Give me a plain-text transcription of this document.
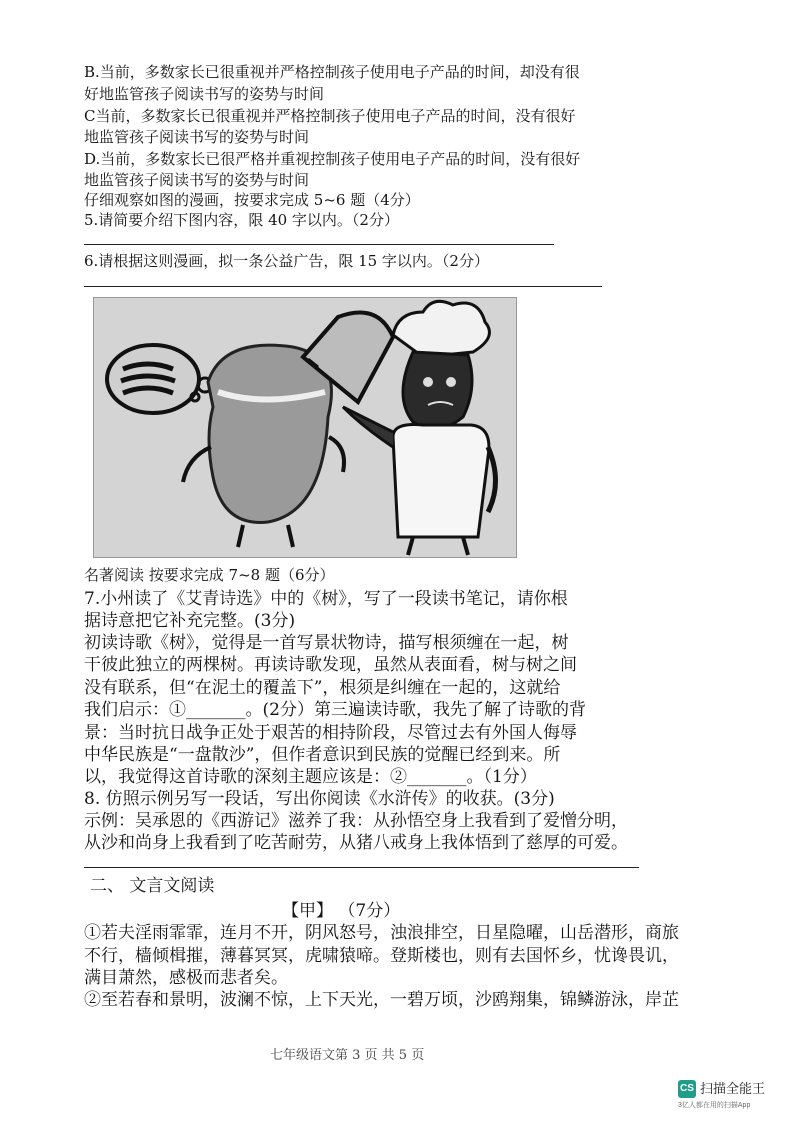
B.当前，多数家长已很重视并严格控制孩子使用电子产品的时间，却没有很
好地监管孩子阅读书写的姿势与时间
C当前，多数家长已很重视并严格控制孩子使用电子产品的时间，没有很好
地监管孩子阅读书写的姿势与时间
D.当前，多数家长已很严格并重视控制孩子使用电子产品的时间，没有很好
地监管孩子阅读书写的姿势与时间
仔细观察如图的漫画，按要求完成 5~6 题（4分）
5.请简要介绍下图内容，限 40 字以内。（2分）
6.请根据这则漫画，拟一条公益广告，限 15 字以内。（2分）
名著阅读 按要求完成 7~8 题（6分）
7.小州读了《艾青诗选》中的《树》，写了一段读书笔记，请你根
据诗意把它补充完整。(3分)
初读诗歌《树》，觉得是一首写景状物诗，描写根须缠在一起，树
干彼此独立的两棵树。再读诗歌发现，虽然从表面看，树与树之间
没有联系，但“在泥土的覆盖下”，根须是纠缠在一起的，这就给
我们启示：①_______。(2分）第三遍读诗歌，我先了解了诗歌的背
景：当时抗日战争正处于艰苦的相持阶段，尽管过去有外国人侮辱
中华民族是“一盘散沙”，但作者意识到民族的觉醒已经到来。所
以，我觉得这首诗歌的深刻主题应该是：②_______。（1分）
8. 仿照示例另写一段话，写出你阅读《水浒传》的收获。(3分)
示例：吴承恩的《西游记》滋养了我：从孙悟空身上我看到了爱憎分明，
从沙和尚身上我看到了吃苦耐劳，从猪八戒身上我体悟到了慈厚的可爱。
二、 文言文阅读
【甲】 （7分）
①若夫淫雨霏霏，连月不开，阴风怒号，浊浪排空，日星隐曜，山岳潜形，商旅
不行，樯倾楫摧，薄暮冥冥，虎啸猿啼。登斯楼也，则有去国怀乡，忧谗畏讥，
满目萧然，感极而悲者矣。
②至若春和景明，波澜不惊，上下天光，一碧万顷，沙鸥翔集，锦鳞游泳，岸芷
七年级语文第 3 页 共 5 页
CS 扫描全能王
3亿人都在用的扫描App
